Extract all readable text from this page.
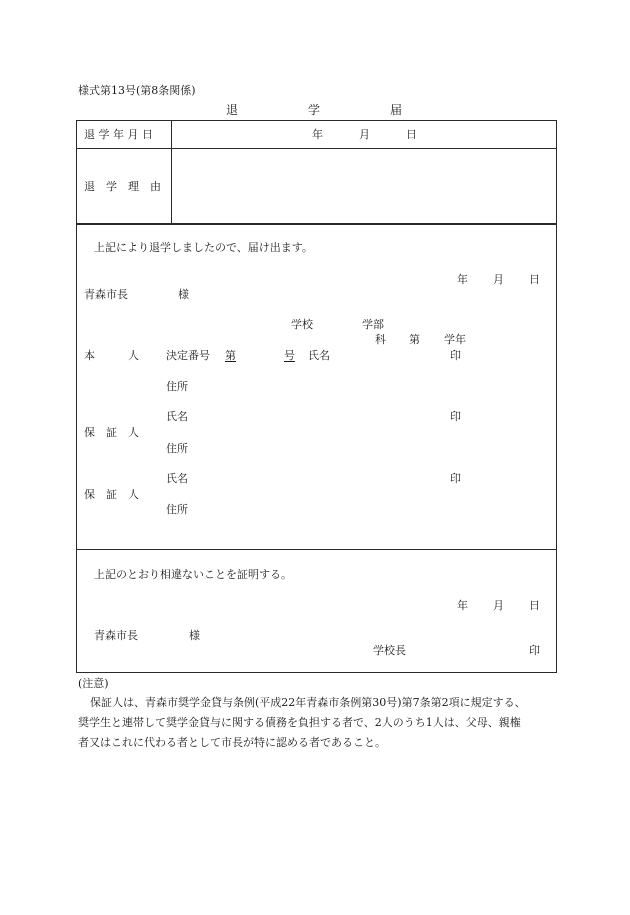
様式第13号(第8条関係)
退	学	届
退 学 年 月 日	年	月	日
退　学　理　由
上記により退学しましたので、届け出ます。
年 月 日
青森市長	様
学校	学部
科 第 学年
本　　　人 決定番号 第	号 氏名	印
住所
氏名	印
保　証　人
住所
氏名	印
保　証　人
住所
上記のとおり相違ないことを証明する。
年 月 日
青森市長	様
学校長	印
(注意)
保証人は、青森市奨学金貸与条例(平成22年青森市条例第30号)第7条第2項に規定する、
奨学生と連帯して奨学金貸与に関する債務を負担する者で、2人のうち1人は、父母、親権
者又はこれに代わる者として市長が特に認める者であること。
